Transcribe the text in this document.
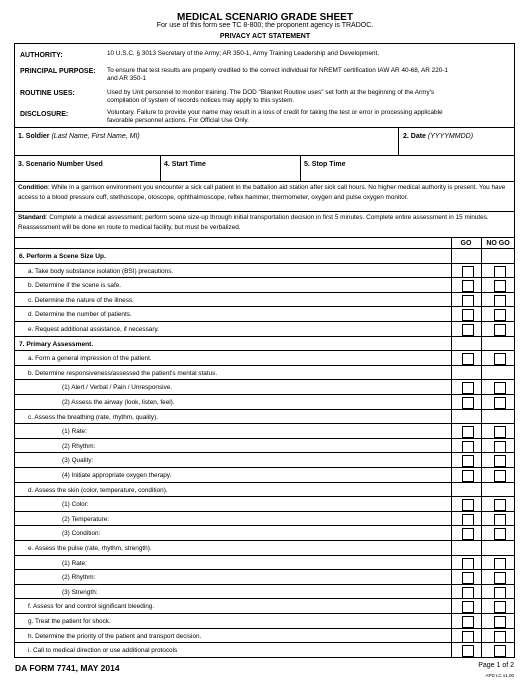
MEDICAL SCENARIO GRADE SHEET
For use of this form see TC 8-800; the proponent agency is TRADOC.
PRIVACY ACT STATEMENT
AUTHORITY:	10 U.S.C. § 3013 Secretary of the Army; AR 350-1, Army Training Leadership and Development.
PRINCIPAL PURPOSE: To ensure that test results are properly credited to the correct individual for NREMT certification IAW AR 40-68, AR 220-1 and AR 350-1
ROUTINE USES:	Used by Unit personnel to monitor training. The DOD "Blanket Routine uses" set forth at the beginning of the Army's compilation of system of records notices may apply to this system.
DISCLOSURE:	Voluntary. Failure to provide your name may result in a loss of credit for taking the test or error in processing applicable favorable personnel actions. For Official Use Only.
1. Soldier (Last Name, First Name, MI)	2. Date (YYYYMMDD)
3. Scenario Number Used	4. Start Time	5. Stop Time
Condition: While in a garrison environment you encounter a sick call patient in the battalion aid station after sick call hours. No higher medical authority is present. You have access to a blood pressure cuff, stethoscope, otoscope, ophthalmoscope, reflex hammer, thermometer, oxygen and pulse oxygen monitor.
Standard: Complete a medical assessment; perform scene size-up through initial transportation decision in first 5 minutes. Complete entire assessment in 15 minutes. Reassessment will be done en route to medical facility, but must be verbalized.
GO	NO GO
6. Perform a Scene Size Up.
a. Take body substance isolation (BSI) precautions.
b. Determine if the scene is safe.
c. Determine the nature of the illness.
d. Determine the number of patients.
e. Request additional assistance, if necessary.
7. Primary Assessment.
a. Form a general impression of the patient.
b. Determine responsiveness/assessed the patient's mental status.
(1) Alert / Verbal / Pain / Unresponsive.
(2) Assess the airway (look, listen, feel).
c. Assess the breathing (rate, rhythm, quality).
(1) Rate:
(2) Rhythm:
(3) Quality:
(4) Initiate appropriate oxygen therapy.
d. Assess the skin (color, temperature, condition).
(1) Color:
(2) Temperature:
(3) Condition:
e. Assess the pulse (rate, rhythm, strength).
(1) Rate:
(2) Rhythm:
(3) Strength:
f. Assess for and control significant bleeding.
g. Treat the patient for shock.
h. Determine the priority of the patient and transport decision.
i. Call to medical direction or use additional protocols
DA FORM 7741, MAY 2014	Page 1 of 2
APD LC v1.00
